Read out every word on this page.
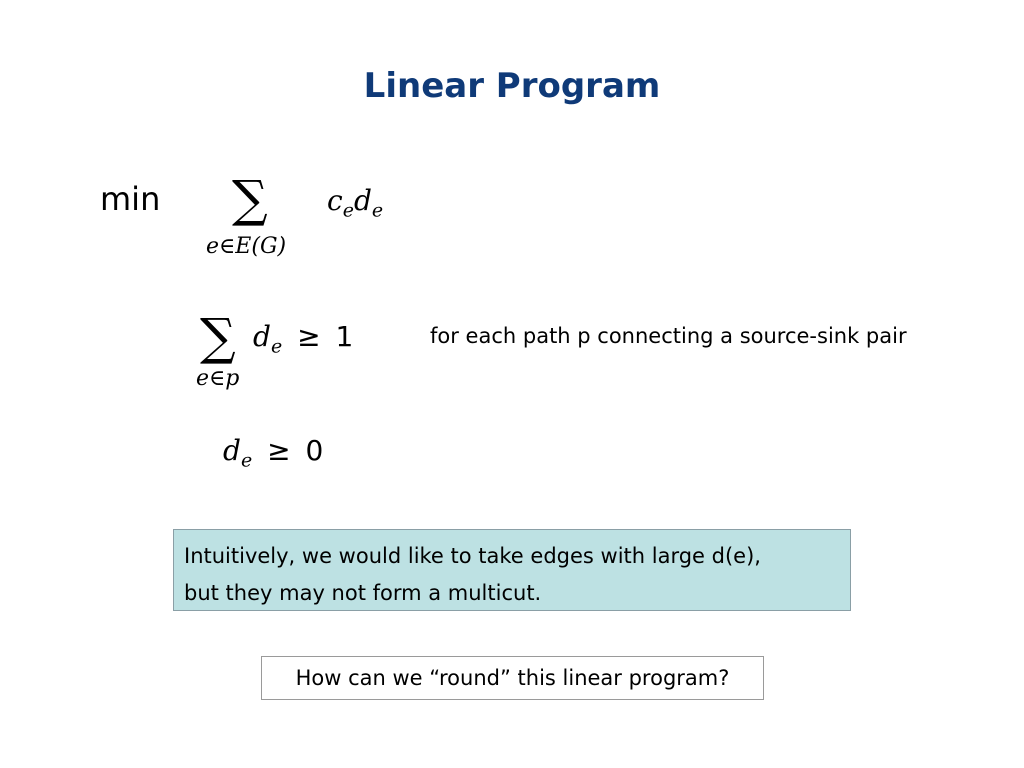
Linear Program
min ∑
e∈E(G)
$c_ed_e$
∑
e∈p
$d_e \ge 1$	for each path p connecting a source-sink pair
$d_e \ge 0$
Intuitively, we would like to take edges with large d(e),
but they may not form a multicut.
How can we “round” this linear program?
